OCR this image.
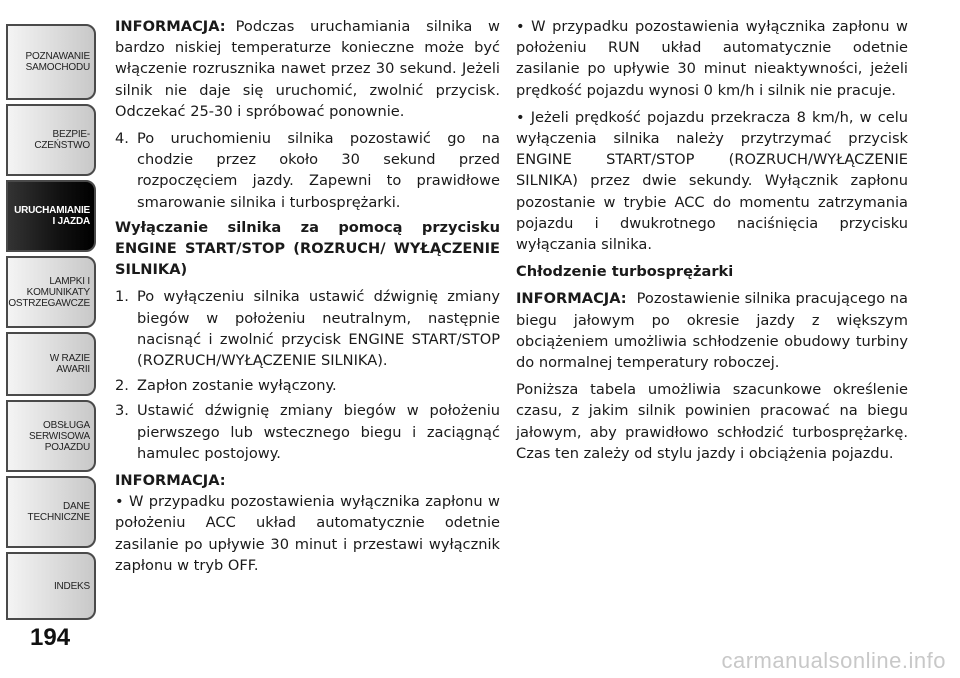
POZNAWANIE
SAMOCHODU
BEZPIE-
CZEŃSTWO
URUCHAMIANIE
I JAZDA
LAMPKI I
KOMUNIKATY
OSTRZEGAWCZE
W RAZIE
AWARII
OBSŁUGA
SERWISOWA
POJAZDU
DANE
TECHNICZNE
INDEKS
194
INFORMACJA: Podczas uruchamiania silnika w bardzo niskiej temperaturze konieczne może być włączenie rozrusznika nawet przez 30 sekund. Jeżeli silnik nie daje się uruchomić, zwolnić przycisk. Odczekać 25-30 i spróbować ponownie.
4. Po uruchomieniu silnika pozostawić go na chodzie przez około 30 sekund przed rozpoczęciem jazdy. Zapewni to prawidłowe smarowanie silnika i turbosprężarki.
Wyłączanie silnika za pomocą przycisku ENGINE START/STOP (ROZRUCH/ WYŁĄCZENIE SILNIKA)
1. Po wyłączeniu silnika ustawić dźwignię zmiany biegów w położeniu neutralnym, następnie nacisnąć i zwolnić przycisk ENGINE START/STOP (ROZRUCH/WYŁĄCZENIE SILNIKA).
2. Zapłon zostanie wyłączony.
3. Ustawić dźwignię zmiany biegów w położeniu pierwszego lub wstecznego biegu i zaciągnąć hamulec postojowy.
INFORMACJA:
• W przypadku pozostawienia wyłącznika zapłonu w położeniu ACC układ automatycznie odetnie zasilanie po upływie 30 minut i przestawi wyłącznik zapłonu w tryb OFF.
• W przypadku pozostawienia wyłącznika zapłonu w położeniu RUN układ automatycznie odetnie zasilanie po upływie 30 minut nieaktywności, jeżeli prędkość pojazdu wynosi 0 km/h i silnik nie pracuje.
• Jeżeli prędkość pojazdu przekracza 8 km/h, w celu wyłączenia silnika należy przytrzymać przycisk ENGINE START/STOP (ROZRUCH/WYŁĄCZENIE SILNIKA) przez dwie sekundy. Wyłącznik zapłonu pozostanie w trybie ACC do momentu zatrzymania pojazdu i dwukrotnego naciśnięcia przycisku wyłączania silnika.
Chłodzenie turbosprężarki
INFORMACJA: Pozostawienie silnika pracującego na biegu jałowym po okresie jazdy z większym obciążeniem umożliwia schłodzenie obudowy turbiny do normalnej temperatury roboczej.
Poniższa tabela umożliwia szacunkowe określenie czasu, z jakim silnik powinien pracować na biegu jałowym, aby prawidłowo schłodzić turbosprężarkę. Czas ten zależy od stylu jazdy i obciążenia pojazdu.
carmanualsonline.info
